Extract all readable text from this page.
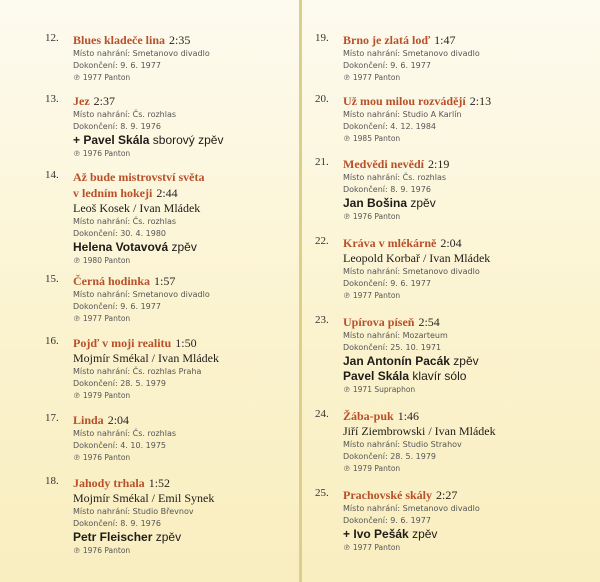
12.	Blues kladeče lina 2:35
Místo nahrání: Smetanovo divadlo
Dokončení: 9. 6. 1977
℗ 1977 Panton
13.	Jez 2:37
Místo nahrání: Čs. rozhlas
Dokončení: 8. 9. 1976
+ Pavel Skála sborový zpěv
℗ 1976 Panton
14.	Až bude mistrovství světa
v ledním hokeji 2:44
Leoš Kosek / Ivan Mládek
Místo nahrání: Čs. rozhlas
Dokončení: 30. 4. 1980
Helena Votavová zpěv
℗ 1980 Panton
15.	Černá hodinka 1:57
Místo nahrání: Smetanovo divadlo
Dokončení: 9. 6. 1977
℗ 1977 Panton
16.	Pojď v moji realitu 1:50
Mojmír Smékal / Ivan Mládek
Místo nahrání: Čs. rozhlas Praha
Dokončení: 28. 5. 1979
℗ 1979 Panton
17.	Linda 2:04
Místo nahrání: Čs. rozhlas
Dokončení: 4. 10. 1975
℗ 1976 Panton
18.	Jahody trhala 1:52
Mojmír Smékal / Emil Synek
Místo nahrání: Studio Břevnov
Dokončení: 8. 9. 1976
Petr Fleischer zpěv
℗ 1976 Panton
19.	Brno je zlatá loď 1:47
Místo nahrání: Smetanovo divadlo
Dokončení: 9. 6. 1977
℗ 1977 Panton
20.	Už mou milou rozvádějí 2:13
Místo nahrání: Studio A Karlín
Dokončení: 4. 12. 1984
℗ 1985 Panton
21.	Medvědi nevědí 2:19
Místo nahrání: Čs. rozhlas
Dokončení: 8. 9. 1976
Jan Bošina zpěv
℗ 1976 Panton
22.	Kráva v mlékárně 2:04
Leopold Korbař / Ivan Mládek
Místo nahrání: Smetanovo divadlo
Dokončení: 9. 6. 1977
℗ 1977 Panton
23.	Upírova píseň 2:54
Místo nahrání: Mozarteum
Dokončení: 25. 10. 1971
Jan Antonín Pacák zpěv
Pavel Skála klavír sólo
℗ 1971 Supraphon
24.	Žába-puk 1:46
Jiří Ziembrowski / Ivan Mládek
Místo nahrání: Studio Strahov
Dokončení: 28. 5. 1979
℗ 1979 Panton
25.	Prachovské skály 2:27
Místo nahrání: Smetanovo divadlo
Dokončení: 9. 6. 1977
+ Ivo Pešák zpěv
℗ 1977 Panton
